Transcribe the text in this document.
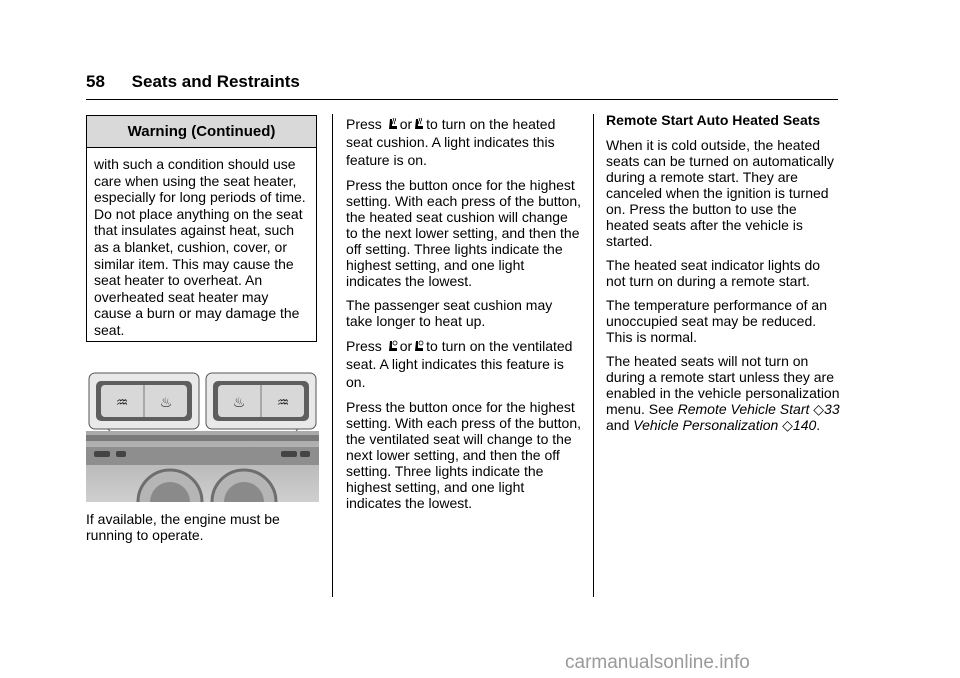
58 Seats and Restraints
Warning (Continued)
with such a condition should use care when using the seat heater, especially for long periods of time. Do not place anything on the seat that insulates against heat, such as a blanket, cushion, cover, or similar item. This may cause the seat heater to overheat. An overheated seat heater may cause a burn or may damage the seat.
♒ ♨	♨ ♒

If available, the engine must be running to operate.

Press or to turn on the heated seat cushion. A light indicates this feature is on.

Press the button once for the highest setting. With each press of the button, the heated seat cushion will change to the next lower setting, and then the off setting. Three lights indicate the highest setting, and one light indicates the lowest.

The passenger seat cushion may take longer to heat up.

Press or to turn on the ventilated seat. A light indicates this feature is on.

Press the button once for the highest setting. With each press of the button, the ventilated seat will change to the next lower setting, and then the off setting. Three lights indicate the highest setting, and one light indicates the lowest.

Remote Start Auto Heated Seats

When it is cold outside, the heated seats can be turned on automatically during a remote start. They are canceled when the ignition is turned on. Press the button to use the heated seats after the vehicle is started.

The heated seat indicator lights do not turn on during a remote start.

The temperature performance of an unoccupied seat may be reduced. This is normal.

The heated seats will not turn on during a remote start unless they are enabled in the vehicle personalization menu. See Remote Vehicle Start ◇33 and Vehicle Personalization ◇140.

carmanualsonline.info
